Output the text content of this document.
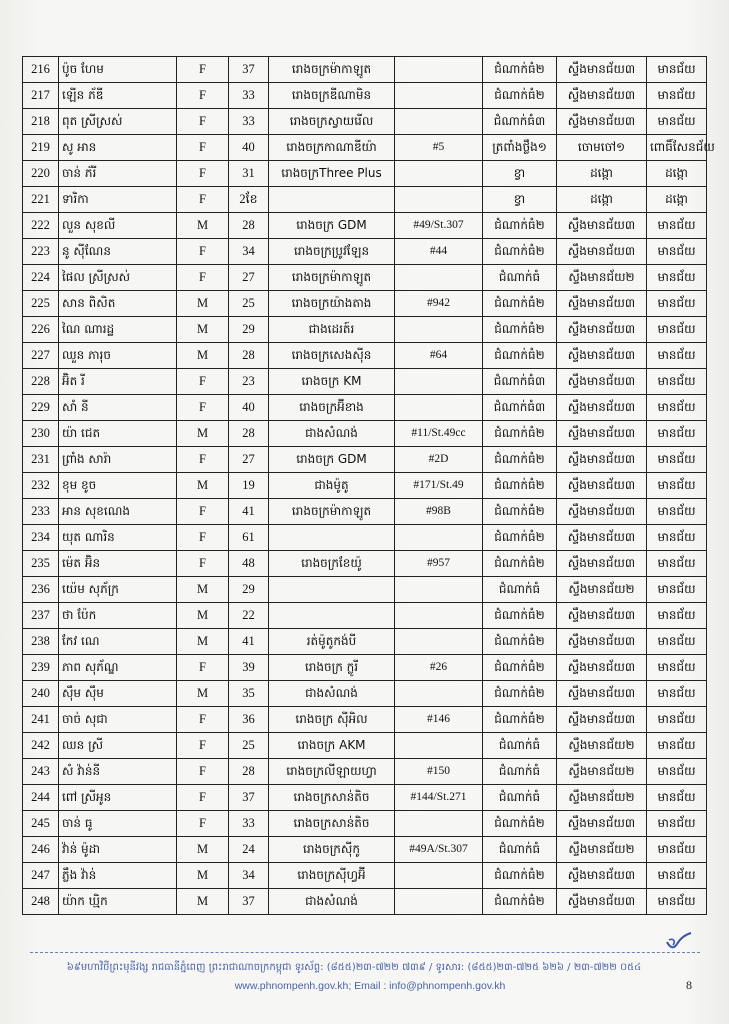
216	ប៉ូច ហែម	F	37	រោងចក្រម៉ាកាឡូត		ជំណាក់ធំ២	ស្ទឹងមានជ័យ៣	មានជ័យ
217	ឡើន ភ័ឌី	F	33	រោងចក្រឌីណាមិន		ជំណាក់ធំ២	ស្ទឹងមានជ័យ៣	មានជ័យ
218	ពុត ស្រីស្រស់	F	33	រោងចក្រស្វាយរើល		ជំណាក់ធំ៣	ស្ទឹងមានជ័យ៣	មានជ័យ
219	សូ អាន	F	40	រោងចក្រកាណាឌីយ៉ា	#5	ត្រពាំងថ្លឹង១	ចោមចៅ១	ពោធិ៍សែនជ័យ
220	ចាន់ ភ័រី	F	31	រោងចក្រThree Plus		ខ្វា	ដង្កោ	ដង្កោ
221	ទារិកា	F	2ខែ			ខ្វា	ដង្កោ	ដង្កោ
222	លួន សុខលី	M	28	រោងចក្រ GDM	#49/St.307	ជំណាក់ធំ២	ស្ទឹងមានជ័យ៣	មានជ័យ
223	នូ ស៊ីណែន	F	34	រោងចក្រប្រូវឡែន	#44	ជំណាក់ធំ២	ស្ទឹងមានជ័យ៣	មានជ័យ
224	ផៃល ស្រីស្រស់	F	27	រោងចក្រម៉ាកាឡូត		ជំណាក់ធំ	ស្ទឹងមានជ័យ២	មានជ័យ
225	សាន ពិសិត	M	25	រោងចក្រយ៉ាងតាង	#942	ជំណាក់ធំ២	ស្ទឹងមានជ័យ៣	មានជ័យ
226	ណៃ ណារដ្ឋ	M	29	ជាងដេរត៍រ		ជំណាក់ធំ២	ស្ទឹងមានជ័យ៣	មានជ័យ
227	ឈួន ភារុច	M	28	រោងចក្រសេងស៊ីន	#64	ជំណាក់ធំ២	ស្ទឹងមានជ័យ៣	មានជ័យ
228	អ៊ិត រី	F	23	រោងចក្រ KM		ជំណាក់ធំ៣	ស្ទឹងមានជ័យ៣	មានជ័យ
229	សាំ នី	F	40	រោងចក្រអ៊ីខាង		ជំណាក់ធំ៣	ស្ទឹងមានជ័យ៣	មានជ័យ
230	យ៉ា ជេត	M	28	ជាងសំណង់	#11/St.49cc	ជំណាក់ធំ២	ស្ទឹងមានជ័យ៣	មានជ័យ
231	ព្រាំង សារ៉ា	F	27	រោងចក្រ GDM	#2D	ជំណាក់ធំ២	ស្ទឹងមានជ័យ៣	មានជ័យ
232	ខុម ខូច	M	19	ជាងម៉ូតូ	#171/St.49	ជំណាក់ធំ២	ស្ទឹងមានជ័យ៣	មានជ័យ
233	អាន សុខណេង	F	41	រោងចក្រម៉ាកាឡូត	#98B	ជំណាក់ធំ២	ស្ទឹងមានជ័យ៣	មានជ័យ
234	យុត ណារិន	F	61			ជំណាក់ធំ២	ស្ទឹងមានជ័យ៣	មានជ័យ
235	ម៉េត អ៊ិន	F	48	រោងចក្រខែយ៉ូ	#957	ជំណាក់ធំ២	ស្ទឹងមានជ័យ៣	មានជ័យ
236	យ៉េម សុភ័ក្រ	M	29			ជំណាក់ធំ	ស្ទឹងមានជ័យ២	មានជ័យ
237	ថា ប៉ែក	M	22			ជំណាក់ធំ២	ស្ទឹងមានជ័យ៣	មានជ័យ
238	កែវ ណេ	M	41	រត់ម៉ូតូកង់បី		ជំណាក់ធំ២	ស្ទឹងមានជ័យ៣	មានជ័យ
239	ភាព សុភ័ណ្ឌ	F	39	រោងចក្រ ក្លូរី	#26	ជំណាក់ធំ២	ស្ទឹងមានជ័យ៣	មានជ័យ
240	ស៊ឹម ស៊ឹម	M	35	ជាងសំណង់		ជំណាក់ធំ២	ស្ទឹងមានជ័យ៣	មានជ័យ
241	ចាច់ សុជា	F	36	រោងចក្រ ស៊ីអិល	#146	ជំណាក់ធំ២	ស្ទឹងមានជ័យ៣	មានជ័យ
242	ឈន ស្រី	F	25	រោងចក្រ AKM		ជំណាក់ធំ	ស្ទឹងមានជ័យ២	មានជ័យ
243	សំ វ៉ាន់នី	F	28	រោងចក្រលីឡាយហ្វា	#150	ជំណាក់ធំ	ស្ទឹងមានជ័យ២	មានជ័យ
244	ពៅ ស្រីអូន	F	37	រោងចក្រសាន់តិច	#144/St.271	ជំណាក់ធំ	ស្ទឹងមានជ័យ២	មានជ័យ
245	ចាន់ ធូ	F	33	រោងចក្រសាន់តិច		ជំណាក់ធំ២	ស្ទឹងមានជ័យ៣	មានជ័យ
246	វ៉ាន់ ម៉ូដា	M	24	រោងចក្រស៊ីកូ	#49A/St.307	ជំណាក់ធំ	ស្ទឹងមានជ័យ២	មានជ័យ
247	ភ្លឹង វ៉ាន់	M	34	រោងចក្រស៊ីហ្វអ៊ី		ជំណាក់ធំ២	ស្ទឹងមានជ័យ៣	មានជ័យ
248	យ៉ាក ឃ្មិក	M	37	ជាងសំណង់		ជំណាក់ធំ២	ស្ទឹងមានជ័យ៣	មានជ័យ
៦៩មហាវិថីព្រះមុនីវង្ស រាជធានីភ្នំពេញ ព្រះរាជាណាចក្រកម្ពុជា ទូរស័ព្ទ: (៨៥៥)២៣-៧២២ ៧៣៩ / ទូរសារ: (៨៥៥)២៣-៧២៥ ៦២៦ / ២៣-៧២២ ០៥៤
www.phnompenh.gov.kh; Email : info@phnompenh.gov.kh	8
